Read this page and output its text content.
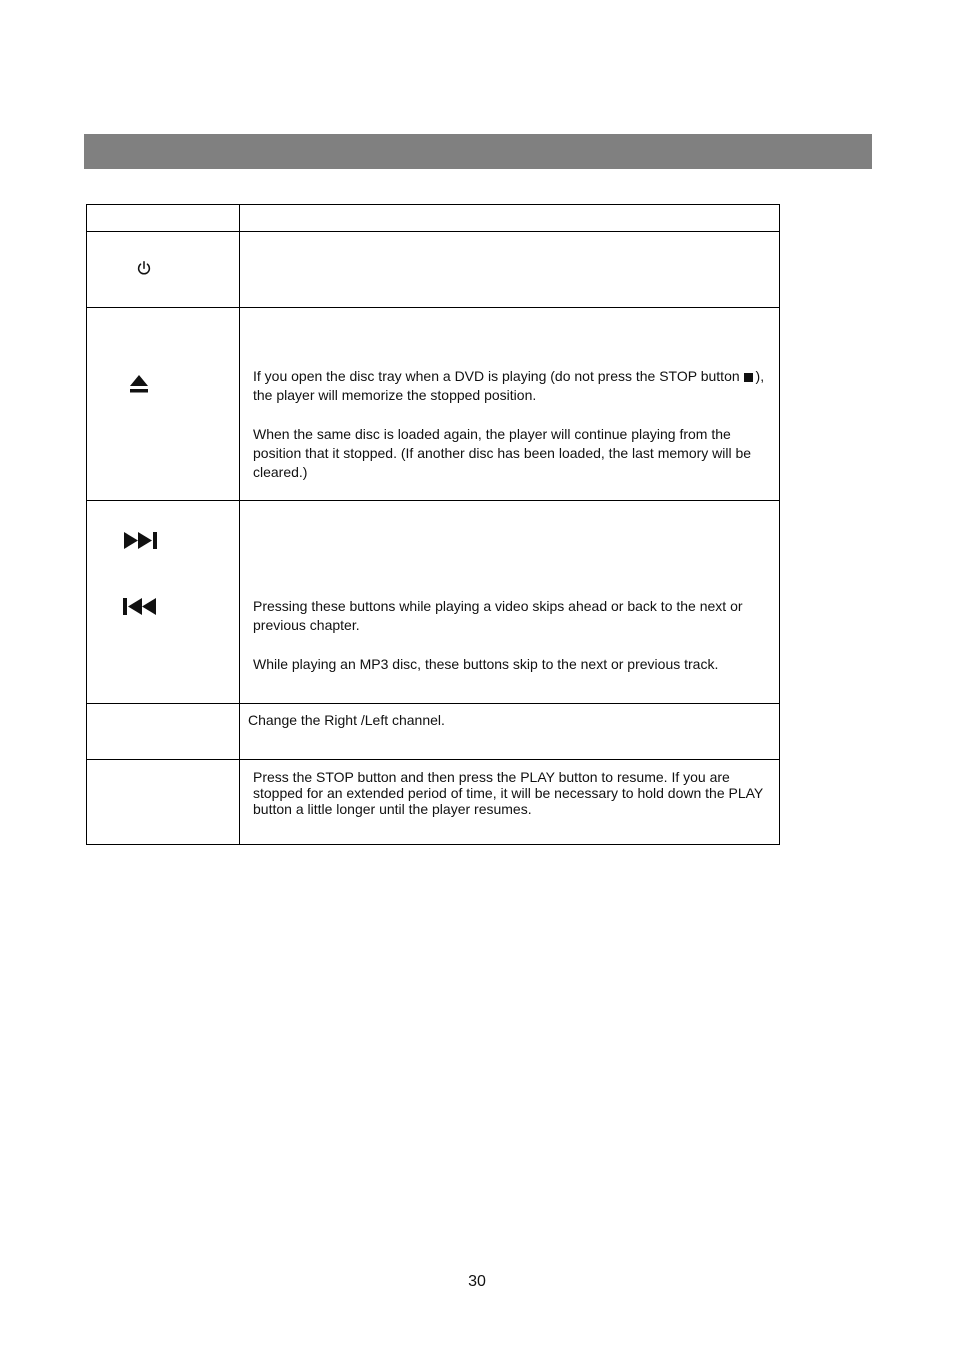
If you open the disc tray when a DVD is playing (do not press the STOP button ), the player will memorize the stopped position.
When the same disc is loaded again, the player will continue playing from the position that it stopped. (If another disc has been loaded, the last memory will be cleared.)

Pressing these buttons while playing a video skips ahead or back to the next or previous chapter.
While playing an MP3 disc, these buttons skip to the next or previous track.

	Change the Right /Left channel.

	Press the STOP button and then press the PLAY button to resume. If you are stopped for an extended period of time, it will be necessary to hold down the PLAY button a little longer until the player resumes.
30
